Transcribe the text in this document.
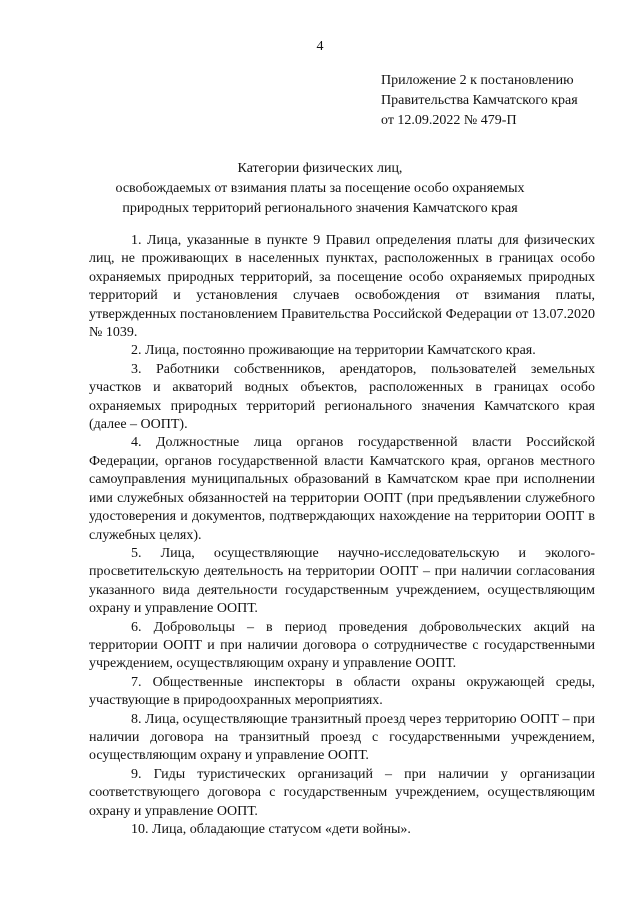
4
Приложение 2 к постановлению
Правительства Камчатского края
от 12.09.2022 № 479-П
Категории физических лиц,
освобождаемых от взимания платы за посещение особо охраняемых
природных территорий регионального значения Камчатского края

1. Лица, указанные в пункте 9 Правил определения платы для физических лиц, не проживающих в населенных пунктах, расположенных в границах особо охраняемых природных территорий, за посещение особо охраняемых природных территорий и установления случаев освобождения от взимания платы, утвержденных постановлением Правительства Российской Федерации от 13.07.2020 № 1039.

2. Лица, постоянно проживающие на территории Камчатского края.

3. Работники собственников, арендаторов, пользователей земельных участков и акваторий водных объектов, расположенных в границах особо охраняемых природных территорий регионального значения Камчатского края (далее – ООПТ).

4. Должностные лица органов государственной власти Российской Федерации, органов государственной власти Камчатского края, органов местного самоуправления муниципальных образований в Камчатском крае при исполнении ими служебных обязанностей на территории ООПТ (при предъявлении служебного удостоверения и документов, подтверждающих нахождение на территории ООПТ в служебных целях).

5. Лица, осуществляющие научно-исследовательскую и эколого-просветительскую деятельность на территории ООПТ – при наличии согласования указанного вида деятельности государственным учреждением, осуществляющим охрану и управление ООПТ.

6. Добровольцы – в период проведения добровольческих акций на территории ООПТ и при наличии договора о сотрудничестве с государственными учреждением, осуществляющим охрану и управление ООПТ.

7. Общественные инспекторы в области охраны окружающей среды, участвующие в природоохранных мероприятиях.

8. Лица, осуществляющие транзитный проезд через территорию ООПТ – при наличии договора на транзитный проезд с государственными учреждением, осуществляющим охрану и управление ООПТ.

9. Гиды туристических организаций – при наличии у организации соответствующего договора с государственным учреждением, осуществляющим охрану и управление ООПТ.

10. Лица, обладающие статусом «дети войны».
